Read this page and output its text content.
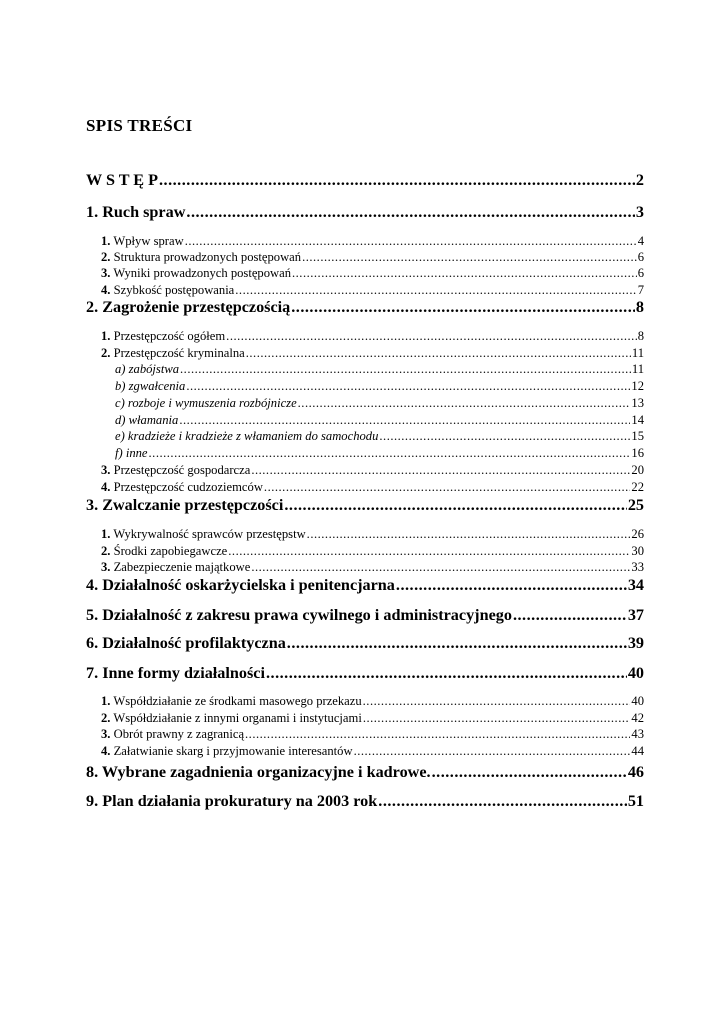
SPIS TREŚCI
W S T Ę P .....	2
1. Ruch spraw .....	3
1. Wpływ spraw .....	4
2. Struktura prowadzonych postępowań .....	6
3. Wyniki prowadzonych postępowań .....	6
4. Szybkość postępowania .....	7
2. Zagrożenie przestępczością .....	8
1. Przestępczość ogółem .....	8
2. Przestępczość kryminalna .....	11
a) zabójstwa .....	11
b) zgwałcenia .....	12
c) rozboje i wymuszenia rozbójnicze .....	13
d) włamania .....	14
e) kradzieże i kradzieże z włamaniem do samochodu .....	15
f) inne .....	16
3. Przestępczość gospodarcza .....	20
4. Przestępczość cudzoziemców .....	22
3. Zwalczanie przestępczości .....	25
1. Wykrywalność sprawców przestępstw .....	26
2. Środki zapobiegawcze .....	30
3. Zabezpieczenie majątkowe .....	33
4. Działalność oskarżycielska i penitencjarna .....	34
5. Działalność z zakresu prawa cywilnego i administracyjnego .....	37
6. Działalność profilaktyczna .....	39
7. Inne formy działalności .....	40
1. Współdziałanie ze środkami masowego przekazu .....	40
2. Współdziałanie z innymi organami i instytucjami .....	42
3. Obrót prawny z zagranicą .....	43
4. Załatwianie skarg i przyjmowanie interesantów .....	44
8. Wybrane zagadnienia organizacyjne i kadrowe. .....	46
9. Plan działania prokuratury na 2003 rok .....	51
